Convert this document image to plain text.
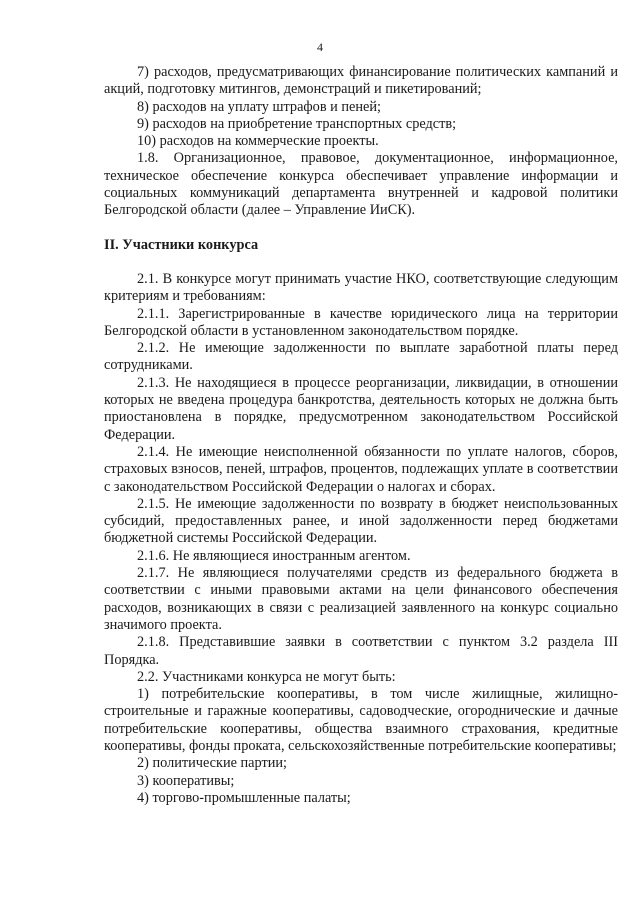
4

7) расходов, предусматривающих финансирование политических кампаний и акций, подготовку митингов, демонстраций и пикетирований;

8) расходов на уплату штрафов и пеней;

9) расходов на приобретение транспортных средств;

10) расходов на коммерческие проекты.

1.8. Организационное, правовое, документационное, информационное, техническое обеспечение конкурса обеспечивает управление информации и социальных коммуникаций департамента внутренней и кадровой политики Белгородской области (далее – Управление ИиСК).

II. Участники конкурса

2.1. В конкурсе могут принимать участие НКО, соответствующие следующим критериям и требованиям:

2.1.1. Зарегистрированные в качестве юридического лица на территории Белгородской области в установленном законодательством порядке.

2.1.2. Не имеющие задолженности по выплате заработной платы перед сотрудниками.

2.1.3. Не находящиеся в процессе реорганизации, ликвидации, в отношении которых не введена процедура банкротства, деятельность которых не должна быть приостановлена в порядке, предусмотренном законодательством Российской Федерации.

2.1.4. Не имеющие неисполненной обязанности по уплате налогов, сборов, страховых взносов, пеней, штрафов, процентов, подлежащих уплате в соответствии с законодательством Российской Федерации о налогах и сборах.

2.1.5. Не имеющие задолженности по возврату в бюджет неиспользованных субсидий, предоставленных ранее, и иной задолженности перед бюджетами бюджетной системы Российской Федерации.

2.1.6. Не являющиеся иностранным агентом.

2.1.7. Не являющиеся получателями средств из федерального бюджета в соответствии с иными правовыми актами на цели финансового обеспечения расходов, возникающих в связи с реализацией заявленного на конкурс социально значимого проекта.

2.1.8. Представившие заявки в соответствии с пунктом 3.2 раздела III Порядка.

2.2. Участниками конкурса не могут быть:

1) потребительские кооперативы, в том числе жилищные, жилищно-строительные и гаражные кооперативы, садоводческие, огороднические и дачные потребительские кооперативы, общества взаимного страхования, кредитные кооперативы, фонды проката, сельскохозяйственные потребительские кооперативы;

2) политические партии;

3) кооперативы;

4) торгово-промышленные палаты;
